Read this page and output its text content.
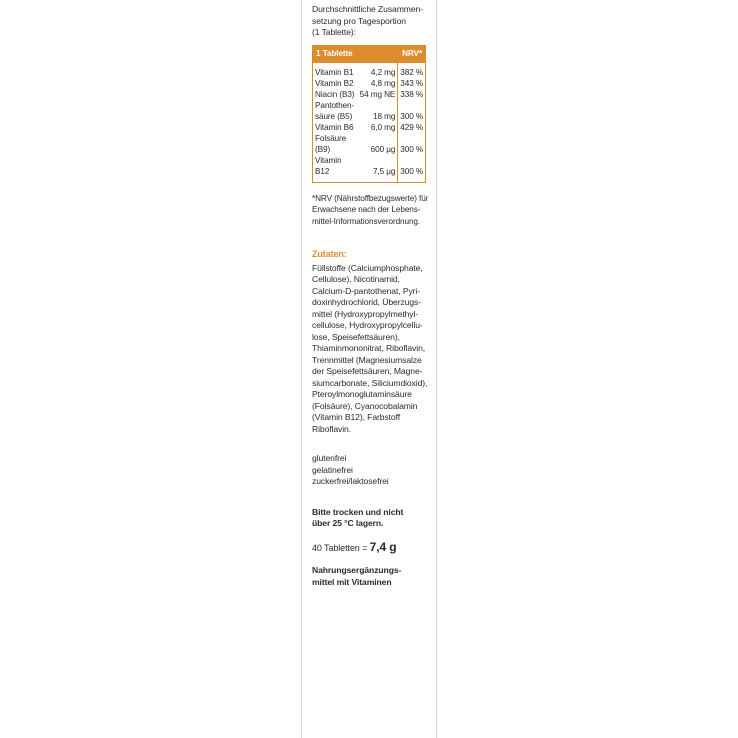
Durchschnittliche Zusammen-
setzung pro Tagesportion
(1 Tablette):
1 Tablette		NRV*
Vitamin B1	4,2 mg	382 %
Vitamin B2	4,8 mg	343 %
Niacin (B3)	54 mg NE	338 %
Pantothen-		
säure (B5)	18 mg	300 %
Vitamin B6	6,0 mg	429 %
Folsäure (B9)	600 µg	300 %
Vitamin B12	7,5 µg	300 %
*NRV (Nährstoffbezugswerte) für
Erwachsene nach der Lebens-
mittel-Informationsverordnung.
Zutaten:
Füllstoffe (Calciumphosphate,
Cellulose), Nicotinamid,
Calcium-D-pantothenat, Pyri-
doxinhydrochlorid, Überzugs-
mittel (Hydroxypropylmethyl-
cellulose, Hydroxypropylcellu-
lose, Speisefettsäuren),
Thiaminmononitrat, Riboflavin,
Trennmittel (Magnesiumsalze
der Speisefettsäuren, Magne-
siumcarbonate, Siliciumdioxid),
Pteroylmonoglutaminsäure
(Folsäure), Cyanocobalamin
(Vitamin B12), Farbstoff
Riboflavin.
glutenfrei
gelatinefrei
zuckerfrei/laktosefrei
Bitte trocken und nicht
über 25 °C lagern.
40 Tabletten = 7,4 g
Nahrungsergänzungs-
mittel mit Vitaminen
